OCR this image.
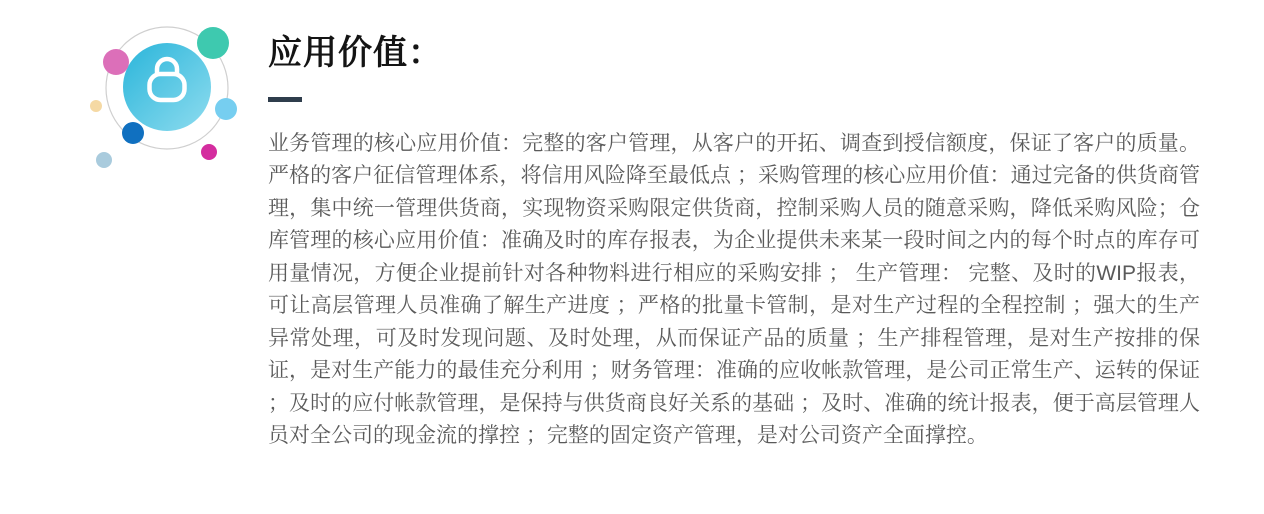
应用价值：

业务管理的核心应用价值：完整的客户管理，从客户的开拓、调查到授信额度，保证了客户的质量。严格的客户征信管理体系，将信用风险降至最低点 ；采购管理的核心应用价值：通过完备的供货商管理，集中统一管理供货商，实现物资采购限定供货商，控制采购人员的随意采购，降低采购风险；仓库管理的核心应用价值：准确及时的库存报表，为企业提供未来某一段时间之内的每个时点的库存可用量情况，方便企业提前针对各种物料进行相应的采购安排 ； 生产管理： 完整、及时的WIP报表，可让高层管理人员准确了解生产进度 ；严格的批量卡管制，是对生产过程的全程控制 ；强大的生产异常处理，可及时发现问题、及时处理，从而保证产品的质量 ；生产排程管理，是对生产按排的保证，是对生产能力的最佳充分利用 ；财务管理：准确的应收帐款管理，是公司正常生产、运转的保证 ；及时的应付帐款管理，是保持与供货商良好关系的基础 ；及时、准确的统计报表，便于高层管理人员对全公司的现金流的撑控 ；完整的固定资产管理，是对公司资产全面撑控。
